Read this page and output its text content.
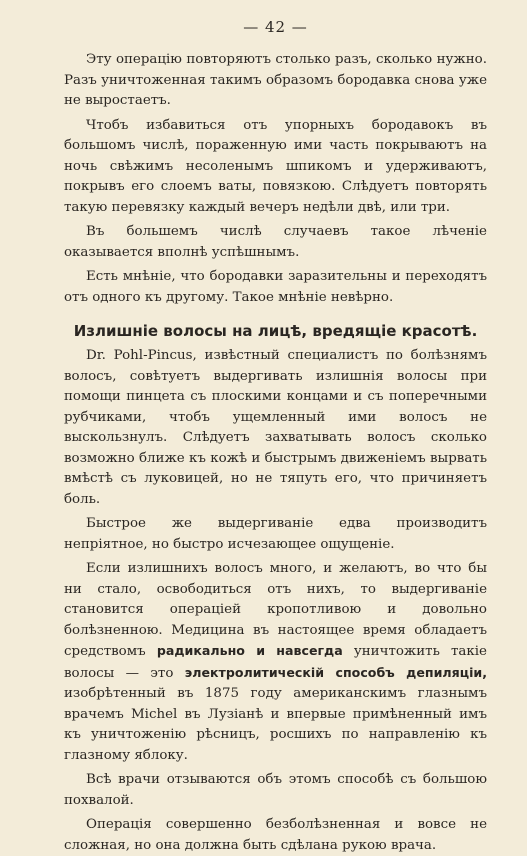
— 42 —

Эту операцію повторяютъ столько разъ, сколько нужно. Разъ уничтоженная такимъ образомъ бородавка снова уже не выростаетъ.

Чтобъ избавиться отъ упорныхъ бородавокъ въ большомъ числѣ, пораженную ими часть покрываютъ на ночь свѣжимъ несоленымъ шпикомъ и удерживаютъ, покрывъ его слоемъ ваты, повязкою. Слѣдуетъ повторять такую перевязку каждый вечеръ недѣли двѣ, или три.

Въ большемъ числѣ случаевъ такое лѣченіе оказывается вполнѣ успѣшнымъ.

Есть мнѣніе, что бородавки заразительны и переходятъ отъ одного къ другому. Такое мнѣніе невѣрно.

Излишніе волосы на лицѣ, вредящіе красотѣ.

Dr. Pohl-Pincus, извѣстный специалистъ по болѣзнямъ волосъ, совѣтуетъ выдергивать излишнія волосы при помощи пинцета съ плоскими концами и съ поперечными рубчиками, чтобъ ущемленный ими волосъ не выскользнулъ. Слѣдуетъ захватывать волосъ сколько возможно ближе къ кожѣ и быстрымъ движеніемъ вырвать вмѣстѣ съ луковицей, но не тяпуть его, что причиняетъ боль.

Быстрое же выдергиваніе едва производитъ непріятное, но быстро исчезающее ощущеніе.

Если излишнихъ волосъ много, и желаютъ, во что бы ни стало, освободиться отъ нихъ, то выдергиваніе становится операціей кропотливою и довольно болѣзненною. Медицина въ настоящее время обладаетъ средствомъ радикально и навсегда уничтожить такіе волосы — это электролитическій способъ депиляціи, изобрѣтенный въ 1875 году американскимъ глазнымъ врачемъ Michel въ Лузіанѣ и впервые примѣненный имъ къ уничтоженію рѣсницъ, росшихъ по направленію къ глазному яблоку.

Всѣ врачи отзываются объ этомъ способѣ съ большою похвалой.

Операція совершенно безболѣзненная и вовсе не сложная, но она должна быть сдѣлана рукою врача.
